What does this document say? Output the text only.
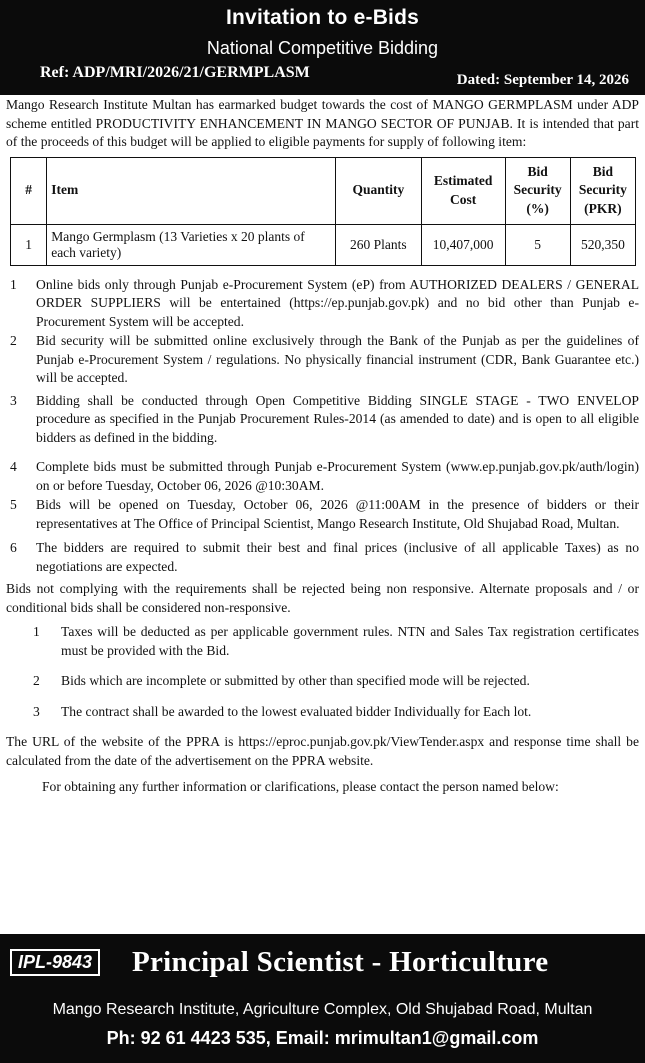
Invitation to e-Bids
National Competitive Bidding
Ref: ADP/MRI/2026/21/GERMPLASM	Dated: September 14, 2026

Mango Research Institute Multan has earmarked budget towards the cost of MANGO GERMPLASM under ADP scheme entitled PRODUCTIVITY ENHANCEMENT IN MANGO SECTOR OF PUNJAB. It is intended that part of the proceeds of this budget will be applied to eligible payments for supply of following item:

#	Item	Quantity	Estimated Cost	Bid Security (%)	Bid Security (PKR)
1	Mango Germplasm (13 Varieties x 20 plants of each variety)	260 Plants	10,407,000	5	520,350
1 Online bids only through Punjab e-Procurement System (eP) from AUTHORIZED DEALERS / GENERAL ORDER SUPPLIERS will be entertained (https://ep.punjab.gov.pk) and no bid other than Punjab e-Procurement System will be accepted.

2 Bid security will be submitted online exclusively through the Bank of the Punjab as per the guidelines of Punjab e-Procurement System / regulations. No physically financial instrument (CDR, Bank Guarantee etc.) will be accepted.

3 Bidding shall be conducted through Open Competitive Bidding SINGLE STAGE - TWO ENVELOP procedure as specified in the Punjab Procurement Rules-2014 (as amended to date) and is open to all eligible bidders as defined in the bidding.

4 Complete bids must be submitted through Punjab e-Procurement System (www.ep.punjab.gov.pk/auth/login) on or before Tuesday, October 06, 2026 @10:30AM.

5 Bids will be opened on Tuesday, October 06, 2026 @11:00AM in the presence of bidders or their representatives at The Office of Principal Scientist, Mango Research Institute, Old Shujabad Road, Multan.

6 The bidders are required to submit their best and final prices (inclusive of all applicable Taxes) as no negotiations are expected.

Bids not complying with the requirements shall be rejected being non responsive. Alternate proposals and / or conditional bids shall be considered non-responsive.

1 Taxes will be deducted as per applicable government rules. NTN and Sales Tax registration certificates must be provided with the Bid.

2 Bids which are incomplete or submitted by other than specified mode will be rejected.

3 The contract shall be awarded to the lowest evaluated bidder Individually for Each lot.

The URL of the website of the PPRA is https://eproc.punjab.gov.pk/ViewTender.aspx and response time shall be calculated from the date of the advertisement on the PPRA website.

For obtaining any further information or clarifications, please contact the person named below:

IPL-9843 Principal Scientist - Horticulture
Mango Research Institute, Agriculture Complex, Old Shujabad Road, Multan
Ph: 92 61 4423 535, Email: mrimultan1@gmail.com
